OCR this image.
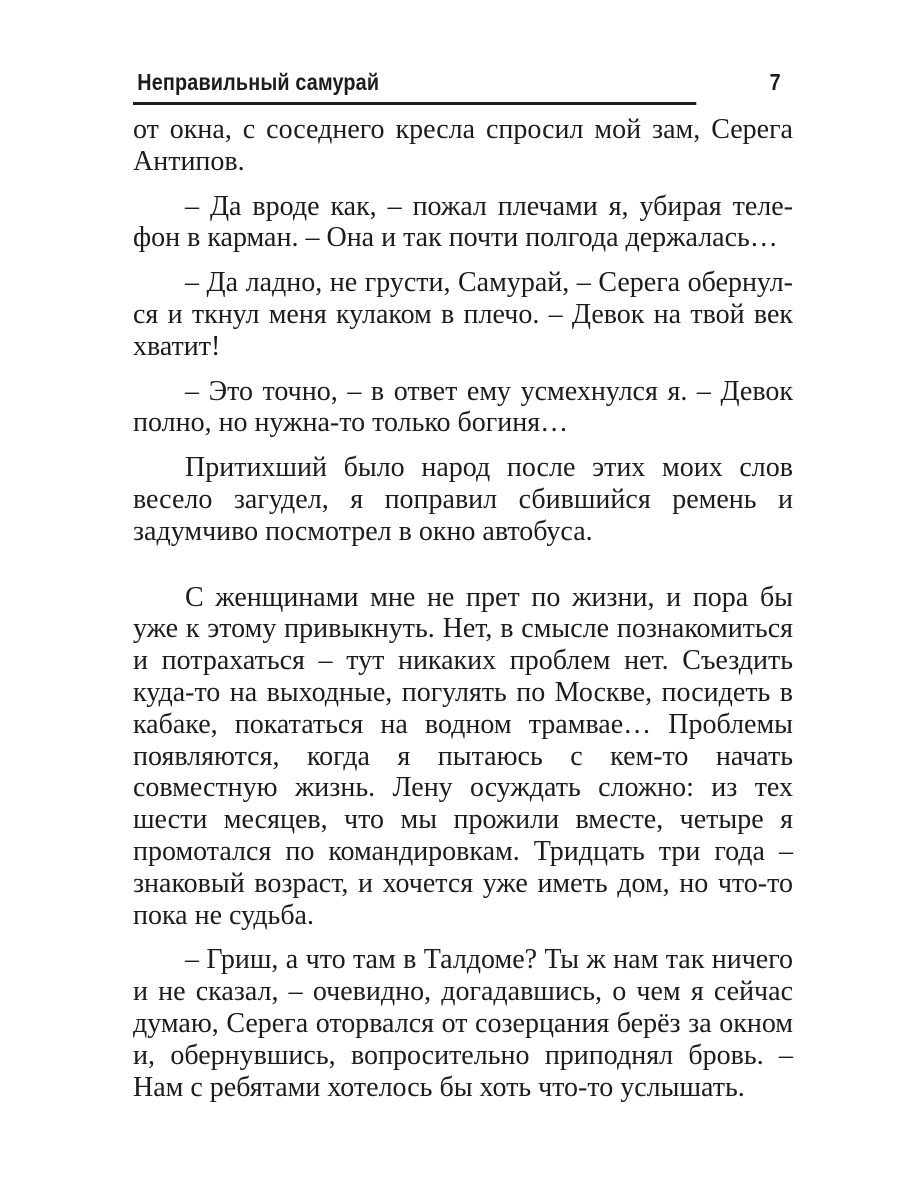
Неправильный самурай	7

от окна, с соседнего кресла спросил мой зам, Серега Антипов.

– Да вроде как, – пожал плечами я, убирая телефон в карман. – Она и так почти полгода держалась…

– Да ладно, не грусти, Самурай, – Серега обернулся и ткнул меня кулаком в плечо. – Девок на твой век хватит!

– Это точно, – в ответ ему усмехнулся я. – Девок полно, но нужна-то только богиня…

Притихший было народ после этих моих слов весело загудел, я поправил сбившийся ремень и задумчиво посмотрел в окно автобуса.

С женщинами мне не прет по жизни, и пора бы уже к этому привыкнуть. Нет, в смысле познакомиться и потрахаться – тут никаких проблем нет. Съездить куда-то на выходные, погулять по Москве, посидеть в кабаке, покататься на водном трамвае… Проблемы появляются, когда я пытаюсь с кем-то начать совместную жизнь. Лену осуждать сложно: из тех шести месяцев, что мы прожили вместе, четыре я промотался по командировкам. Тридцать три года – знаковый возраст, и хочется уже иметь дом, но что-то пока не судьба.

– Гриш, а что там в Талдоме? Ты ж нам так ничего и не сказал, – очевидно, догадавшись, о чем я сейчас думаю, Серега оторвался от созерцания берёз за окном и, обернувшись, вопросительно приподнял бровь. – Нам с ребятами хотелось бы хоть что-то услышать.
